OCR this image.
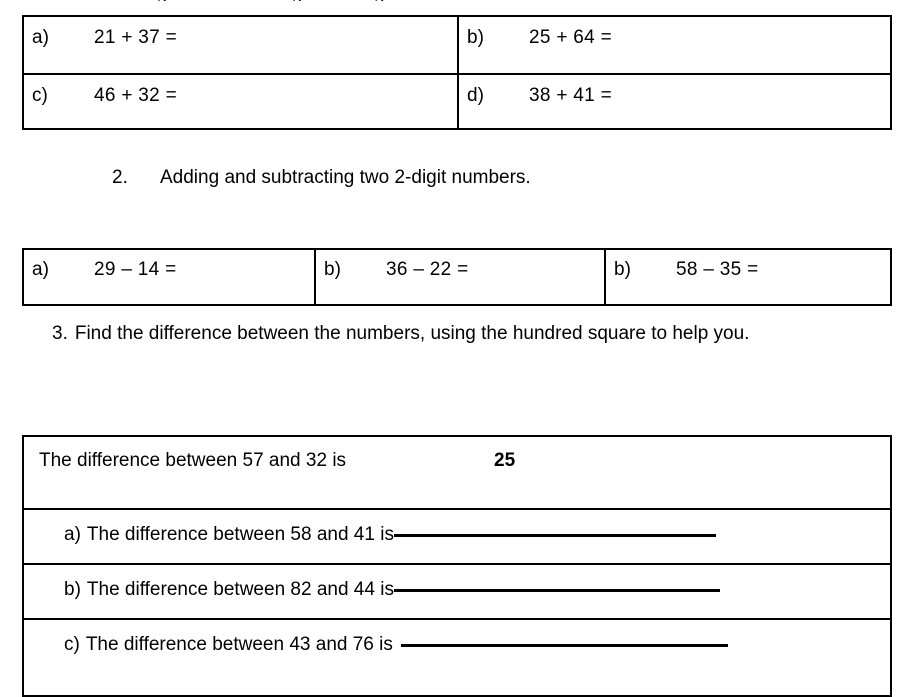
a)	21 + 37 =	b)	25 + 64 =
c)	46 + 32 =	d)	38 + 41 =
2. Adding and subtracting two 2-digit numbers.
a)	29 – 14 =	b)	36 – 22 =	b)	58 – 35 =
3. Find the difference between the numbers, using the hundred square to help you.
The difference between 57 and 32 is	25
a) The difference between 58 and 41 is
b) The difference between 82 and 44 is
c) The difference between 43 and 76 is
